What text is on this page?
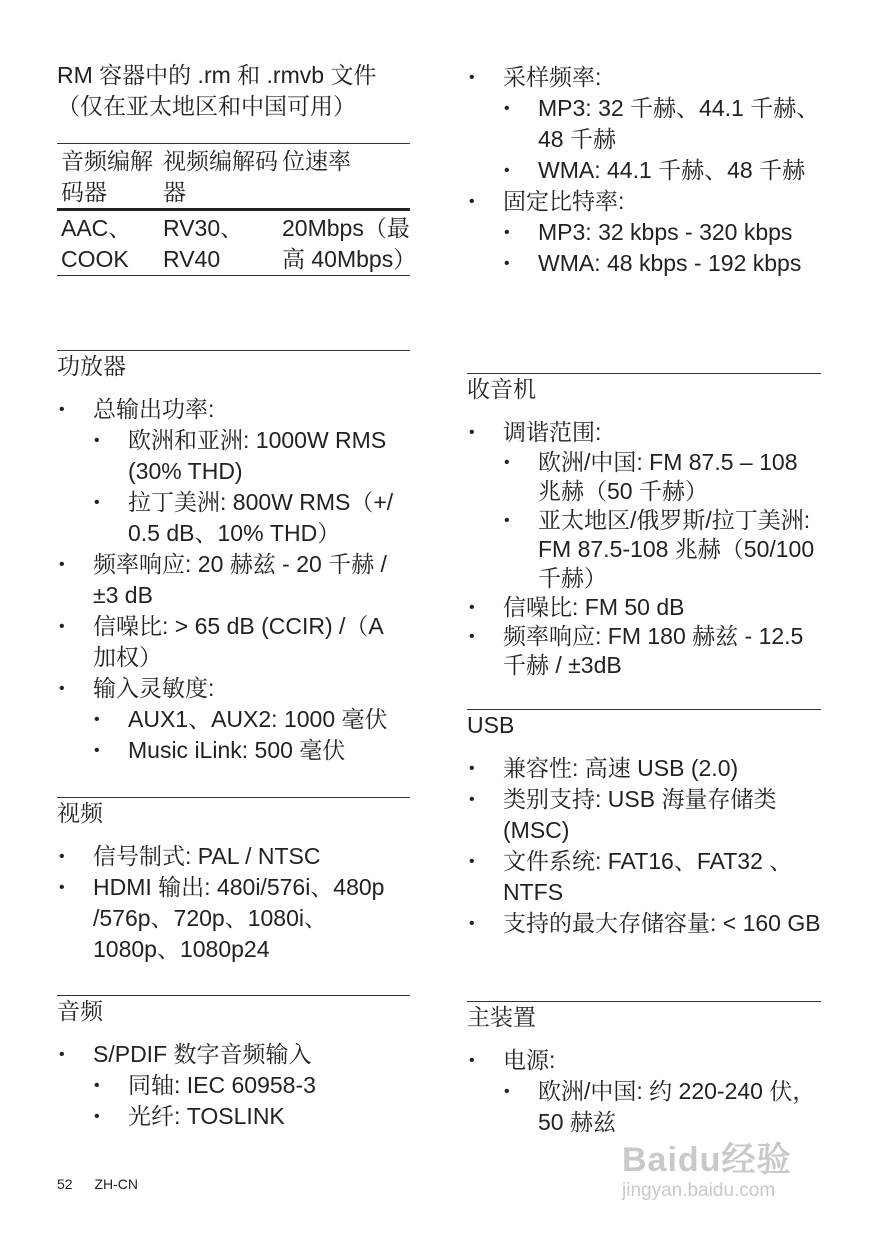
RM 容器中的 .rm 和 .rmvb 文件（仅在亚太地区和中国可用）
音频编解码器	视频编解码器	位速率
AAC、COOK	RV30、RV40	20Mbps（最高 40Mbps）
功放器
• 总输出功率:
• 欧洲和亚洲: 1000W RMS (30% THD)
• 拉丁美洲: 800W RMS（+/ 0.5 dB、10% THD）
• 频率响应: 20 赫兹 - 20 千赫 / ±3 dB
• 信噪比: > 65 dB (CCIR) /（A 加权）
• 输入灵敏度:
• AUX1、AUX2: 1000 毫伏
• Music iLink: 500 毫伏
视频
• 信号制式: PAL / NTSC
• HDMI 输出: 480i/576i、480p /576p、720p、1080i、1080p、1080p24
音频
• S/PDIF 数字音频输入
• 同轴: IEC 60958-3
• 光纤: TOSLINK
• 采样频率:
• MP3: 32 千赫、44.1 千赫、48 千赫
• WMA: 44.1 千赫、48 千赫
• 固定比特率:
• MP3: 32 kbps - 320 kbps
• WMA: 48 kbps - 192 kbps
收音机
• 调谐范围:
• 欧洲/中国: FM 87.5 – 108 兆赫（50 千赫）
• 亚太地区/俄罗斯/拉丁美洲: FM 87.5-108 兆赫（50/100 千赫）
• 信噪比: FM 50 dB
• 频率响应: FM 180 赫兹 - 12.5 千赫 / ±3dB
USB
• 兼容性: 高速 USB (2.0)
• 类别支持: USB 海量存储类 (MSC)
• 文件系统: FAT16、FAT32 、NTFS
• 支持的最大存储容量: < 160 GB
主装置
• 电源:
• 欧洲/中国: 约 220-240 伏，50 赫兹
52 ZH-CN
Baidu经验
jingyan.baidu.com
